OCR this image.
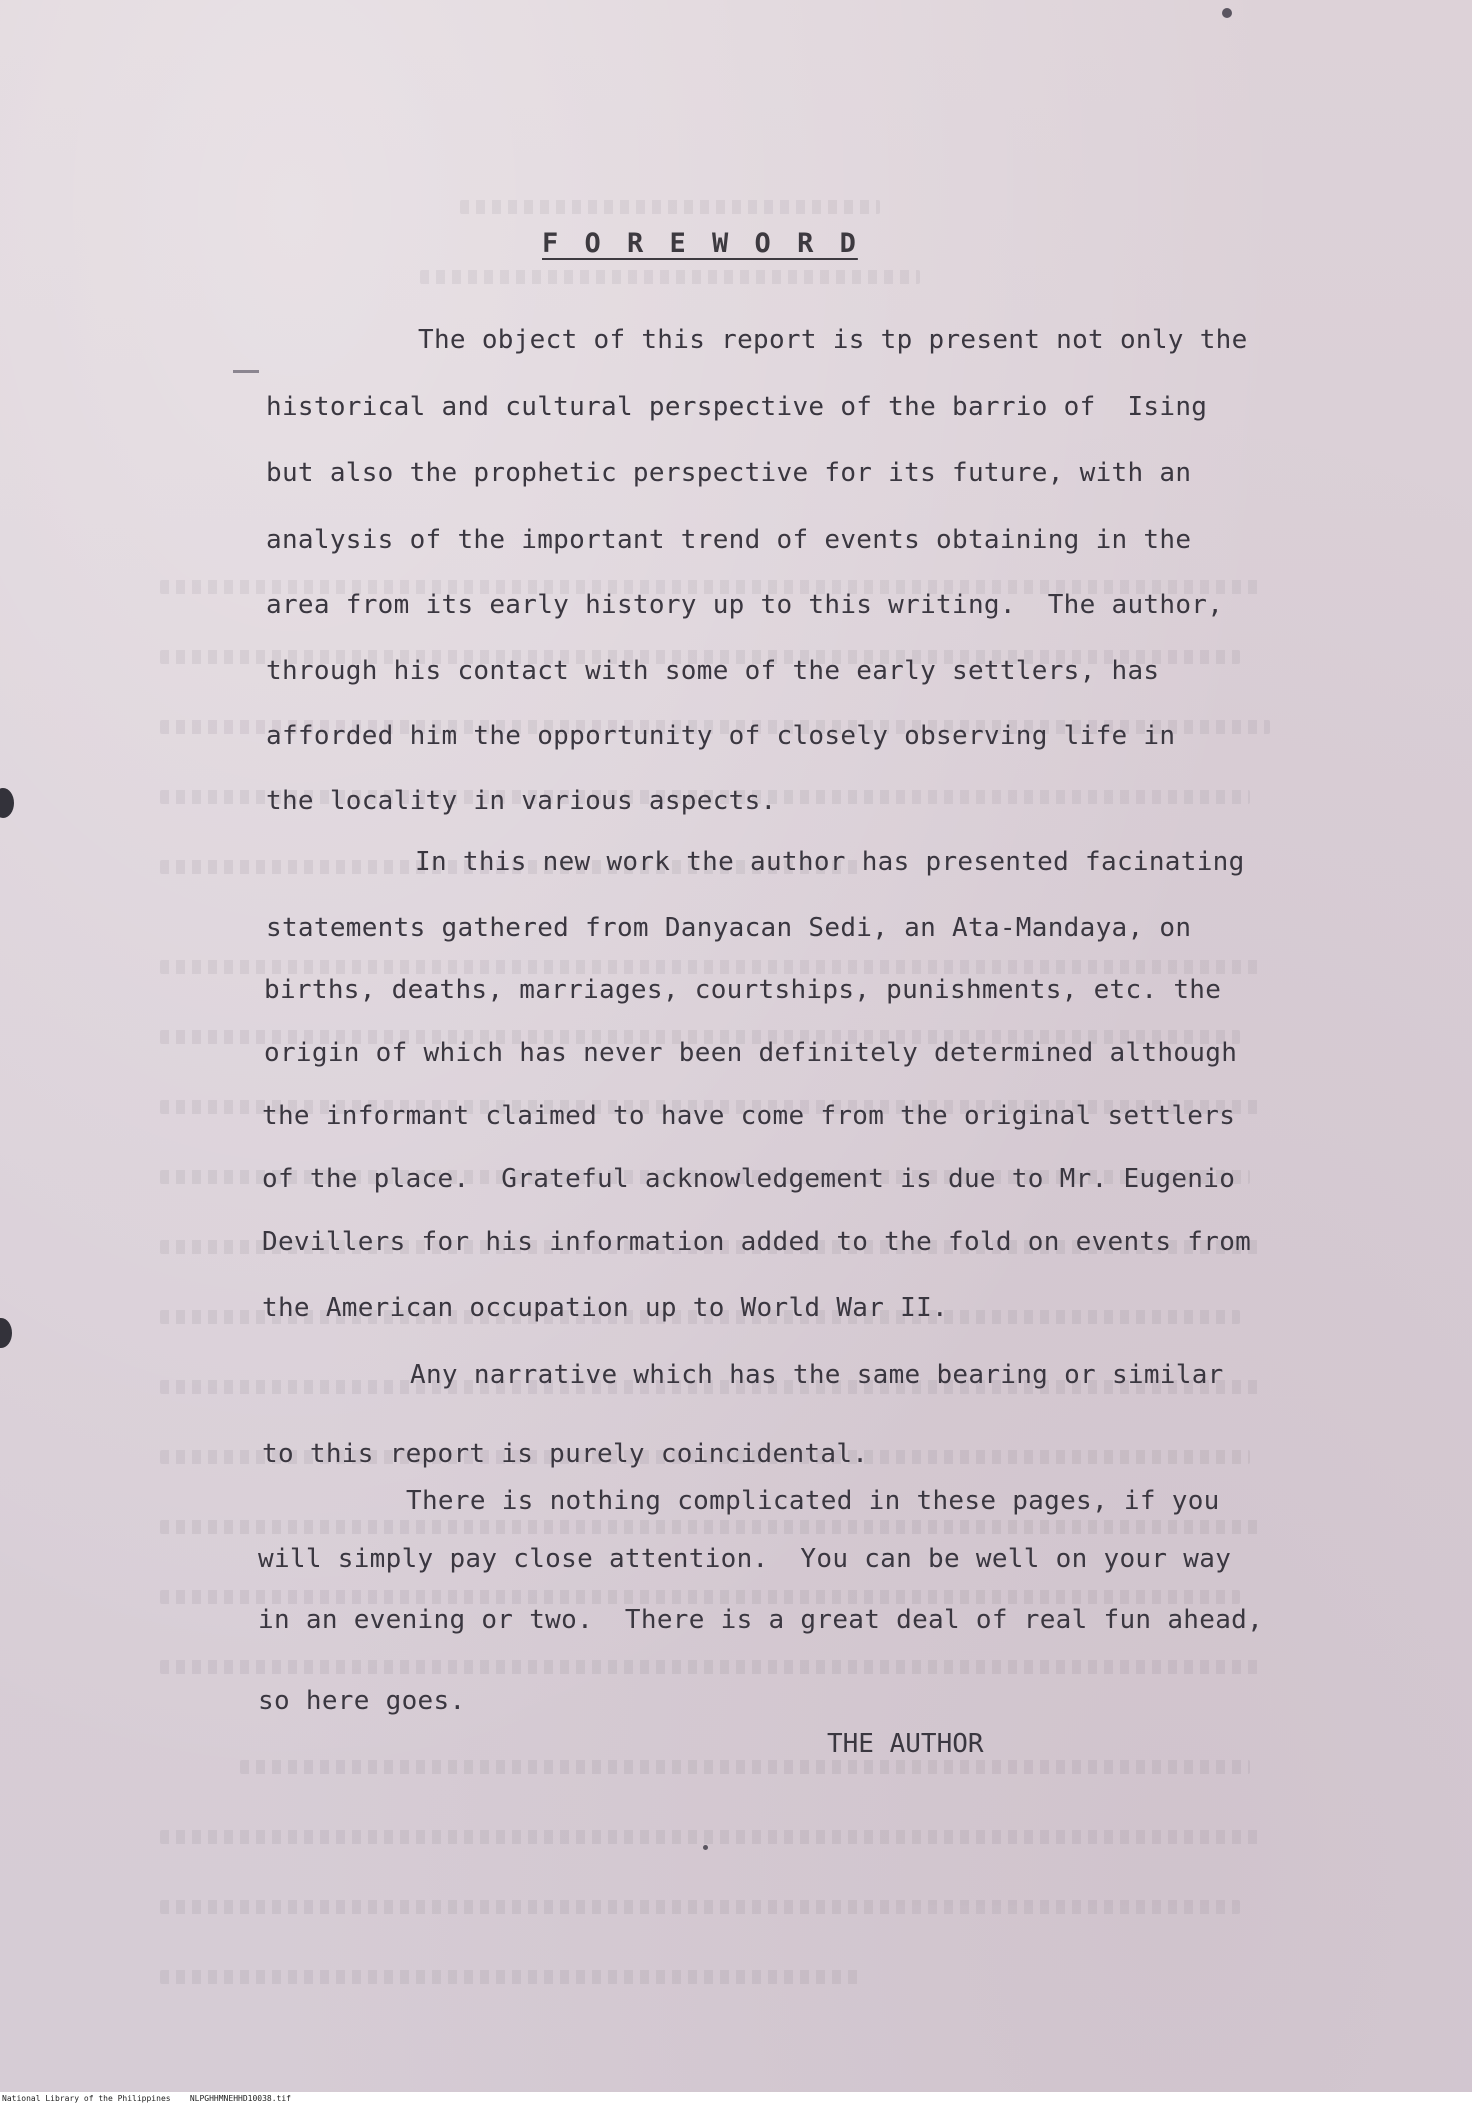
F O R E W O R D
The object of this report is tp present not only the
historical and cultural perspective of the barrio of  Ising
but also the prophetic perspective for its future, with an
analysis of the important trend of events obtaining in the
area from its early history up to this writing.  The author,
through his contact with some of the early settlers, has
afforded him the opportunity of closely observing life in
the locality in various aspects.
In this new work the author has presented facinating
statements gathered from Danyacan Sedi, an Ata-Mandaya, on
births, deaths, marriages, courtships, punishments, etc. the
origin of which has never been definitely determined although
the informant claimed to have come from the original settlers
of the place.  Grateful acknowledgement is due to Mr. Eugenio
Devillers for his information added to the fold on events from
the American occupation up to World War II.
Any narrative which has the same bearing or similar
to this report is purely coincidental.
There is nothing complicated in these pages, if you
will simply pay close attention.  You can be well on your way
in an evening or two.  There is a great deal of real fun ahead,
so here goes.
THE AUTHOR
National Library of the Philippines    NLPGHHMNEHHD10038.tif
